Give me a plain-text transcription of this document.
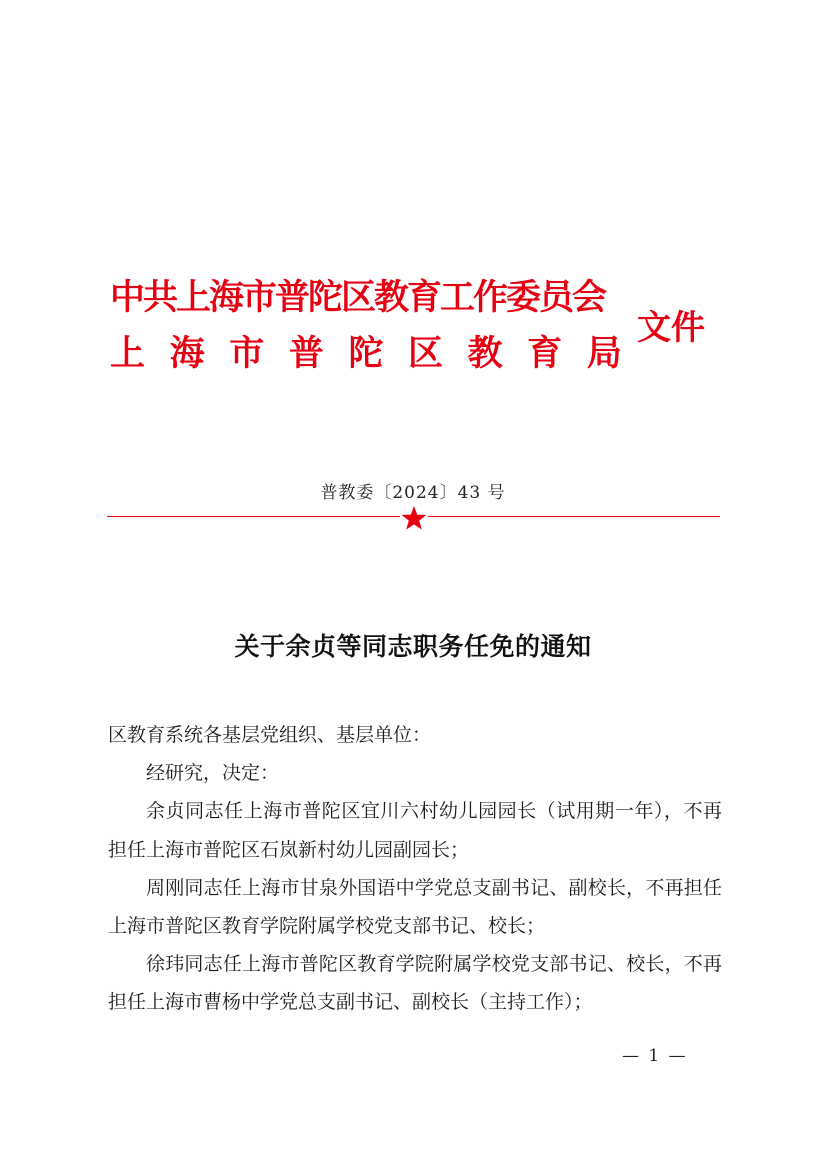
中共上海市普陀区教育工作委员会
上 海 市 普 陀 区 教 育 局
文件
普教委〔2024〕43 号
关于余贞等同志职务任免的通知

区教育系统各基层党组织、基层单位：

经研究，决定：

余贞同志任上海市普陀区宜川六村幼儿园园长（试用期一年），不再担任上海市普陀区石岚新村幼儿园副园长；

周刚同志任上海市甘泉外国语中学党总支副书记、副校长，不再担任上海市普陀区教育学院附属学校党支部书记、校长；

徐玮同志任上海市普陀区教育学院附属学校党支部书记、校长，不再担任上海市曹杨中学党总支副书记、副校长（主持工作）；

— 1 —
